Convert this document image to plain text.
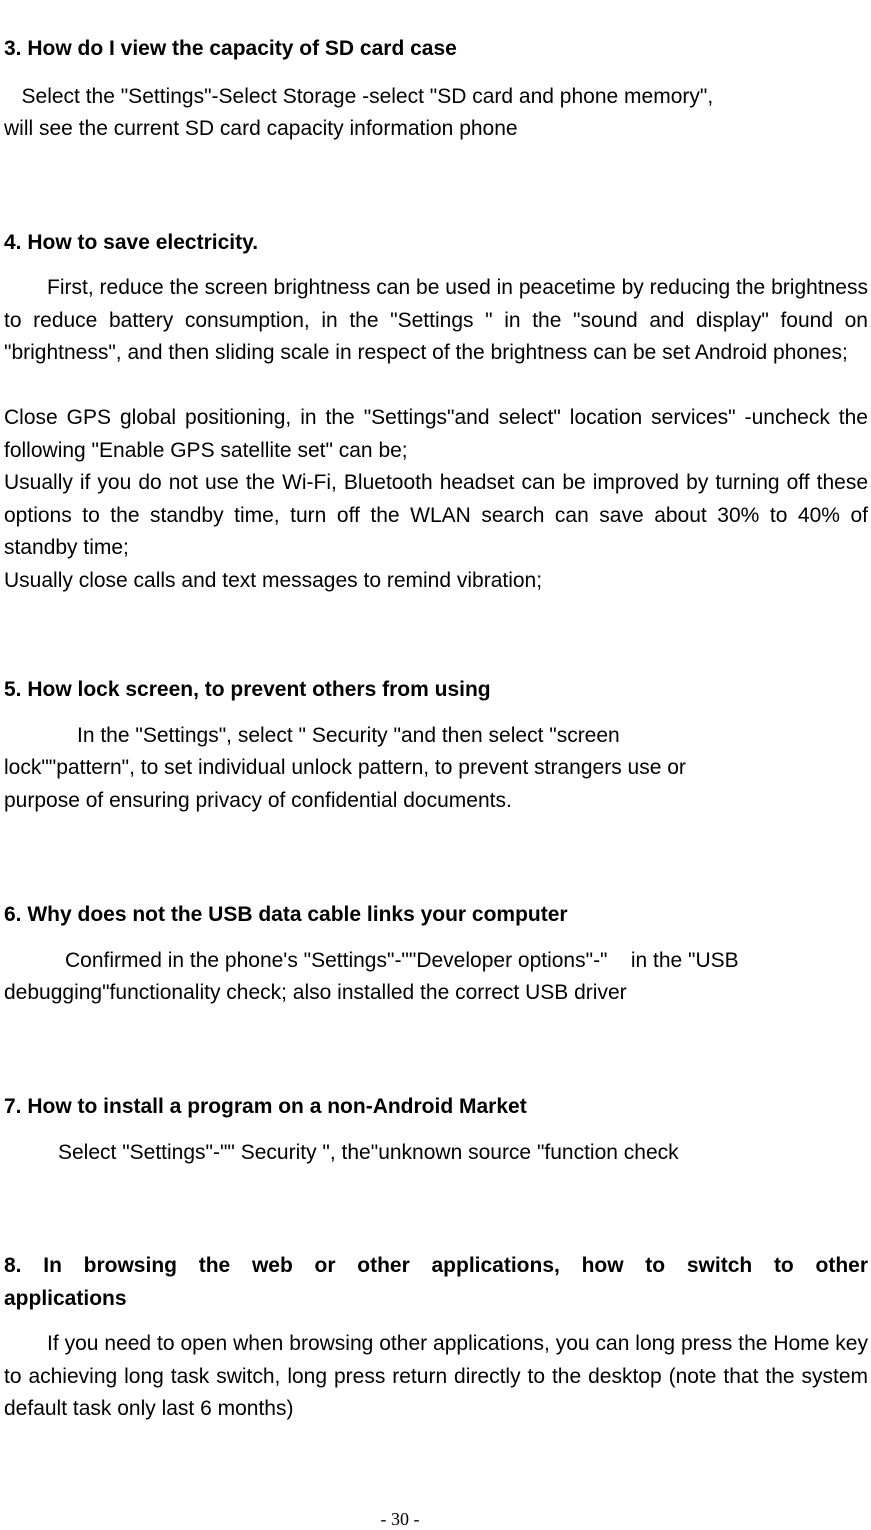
3. How do I view the capacity of SD card case
Select the "Settings"-Select Storage -select "SD card and phone memory",
will see the current SD card capacity information phone
4. How to save electricity.
First, reduce the screen brightness can be used in peacetime by reducing the brightness to reduce battery consumption, in the "Settings " in the "sound and display" found on "brightness", and then sliding scale in respect of the brightness can be set Android phones;
Close GPS global positioning, in the "Settings"and select" location services" -uncheck the following "Enable GPS satellite set" can be;
Usually if you do not use the Wi-Fi, Bluetooth headset can be improved by turning off these options to the standby time, turn off the WLAN search can save about 30% to 40% of standby time;
Usually close calls and text messages to remind vibration;
5. How lock screen, to prevent others from using
In the "Settings", select " Security "and then select "screen
lock""pattern", to set individual unlock pattern, to prevent strangers use or
purpose of ensuring privacy of confidential documents.
6. Why does not the USB data cable links your computer
Confirmed in the phone's "Settings"-""Developer options"-"    in the "USB
debugging"functionality check; also installed the correct USB driver
7. How to install a program on a non-Android Market
Select "Settings"-"" Security ", the"unknown source "function check
8.  In  browsing  the  web  or  other  applications,  how  to  switch  to  other
applications
If you need to open when browsing other applications, you can long press the Home key to achieving long task switch, long press return directly to the desktop (note that the system default task only last 6 months)
- 30 -
